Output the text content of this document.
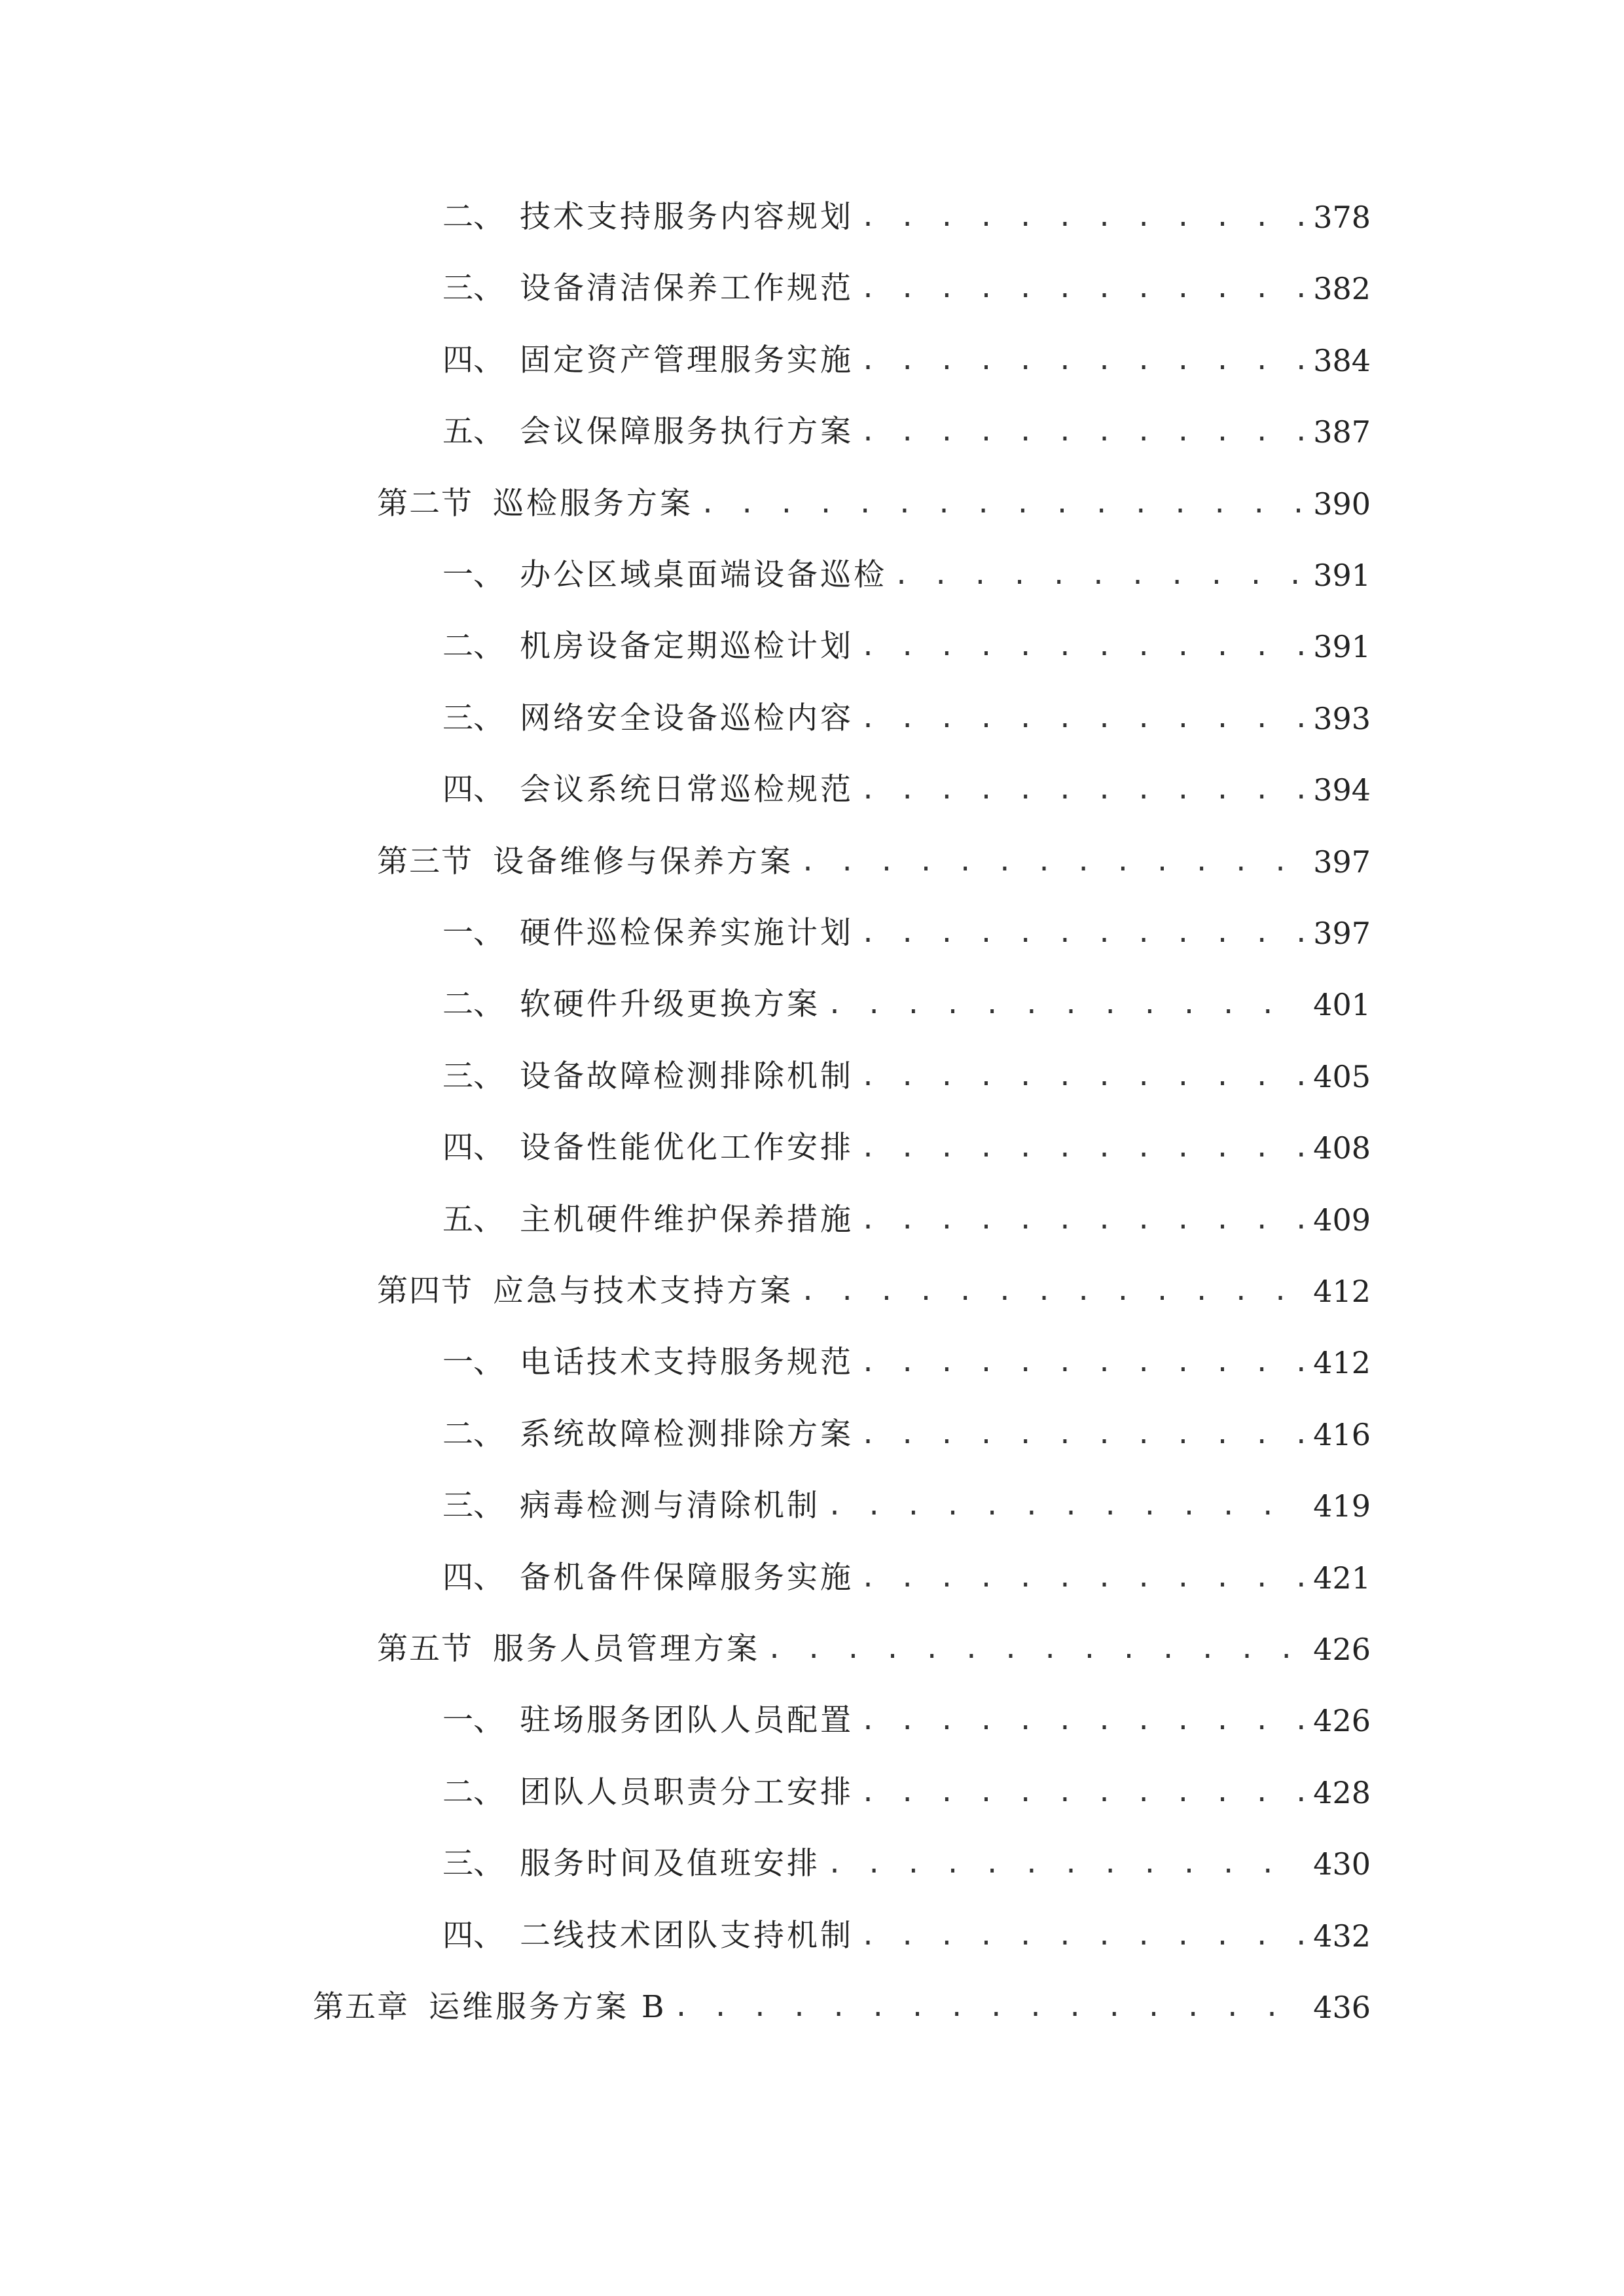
二、 技术支持服务内容规划 . . .	378
三、 设备清洁保养工作规范 . . .	382
四、 固定资产管理服务实施 . . .	384
五、 会议保障服务执行方案 . . .	387
第二节 巡检服务方案 . . .	390
一、 办公区域桌面端设备巡检 . . .	391
二、 机房设备定期巡检计划 . . .	391
三、 网络安全设备巡检内容 . . .	393
四、 会议系统日常巡检规范 . . .	394
第三节 设备维修与保养方案 . . .	397
一、 硬件巡检保养实施计划 . . .	397
二、 软硬件升级更换方案 . . .	401
三、 设备故障检测排除机制 . . .	405
四、 设备性能优化工作安排 . . .	408
五、 主机硬件维护保养措施 . . .	409
第四节 应急与技术支持方案 . . .	412
一、 电话技术支持服务规范 . . .	412
二、 系统故障检测排除方案 . . .	416
三、 病毒检测与清除机制 . . .	419
四、 备机备件保障服务实施 . . .	421
第五节 服务人员管理方案 . . .	426
一、 驻场服务团队人员配置 . . .	426
二、 团队人员职责分工安排 . . .	428
三、 服务时间及值班安排 . . .	430
四、 二线技术团队支持机制 . . .	432
第五章 运维服务方案 B . . .	436
